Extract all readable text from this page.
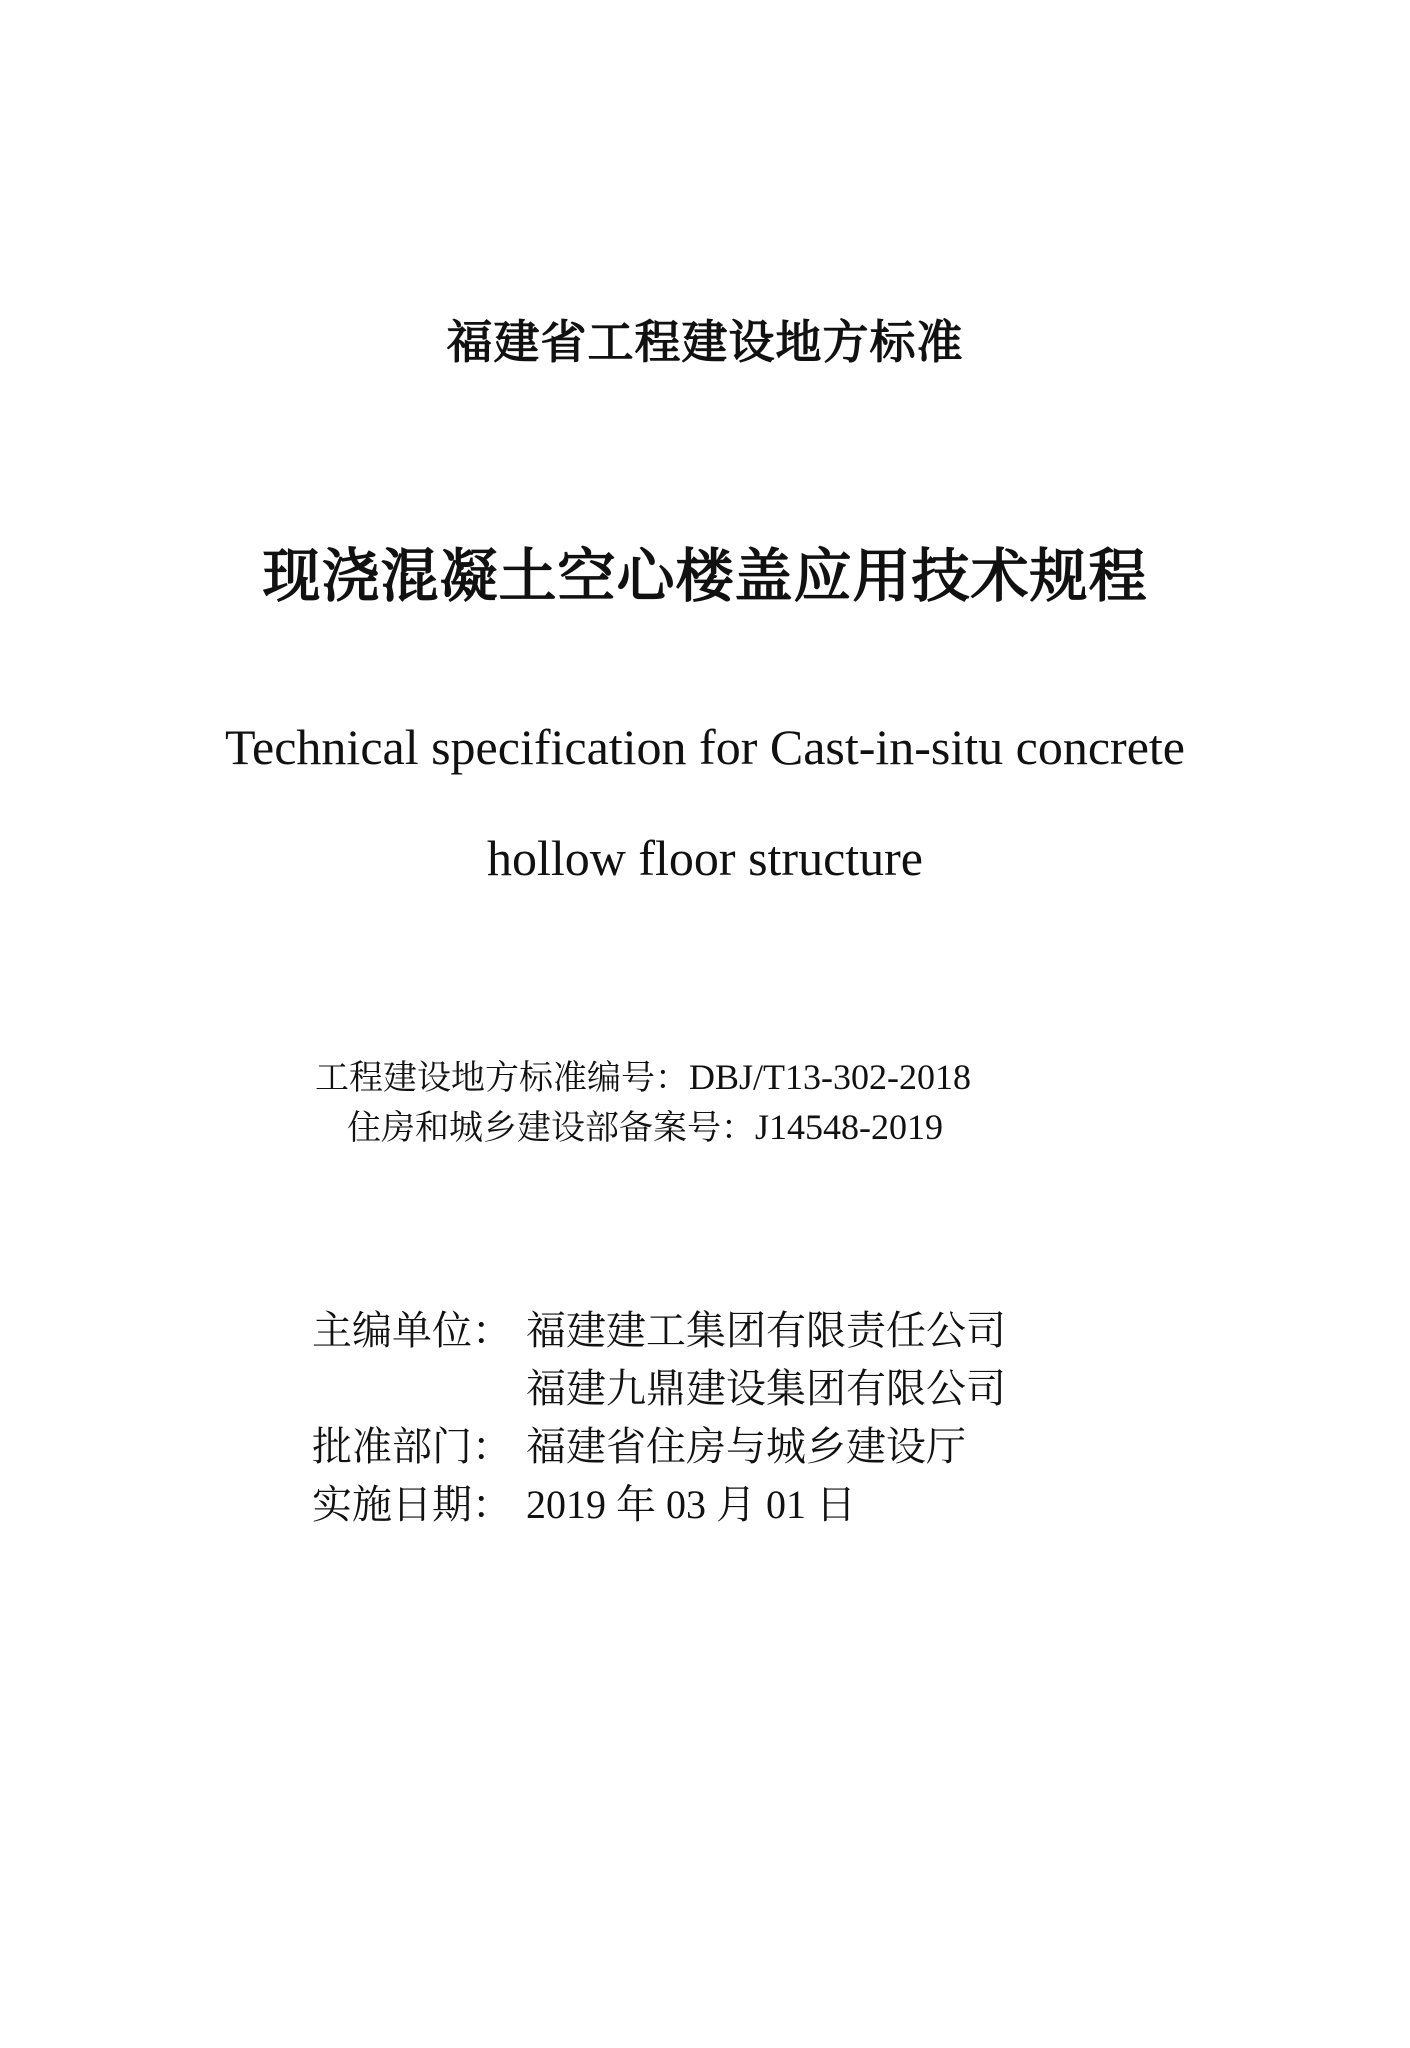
福建省工程建设地方标准
现浇混凝土空心楼盖应用技术规程
Technical specification for Cast-in-situ concrete
hollow floor structure
工程建设地方标准编号：DBJ/T13-302-2018
住房和城乡建设部备案号：J14548-2019
主编单位： 福建建工集团有限责任公司
福建九鼎建设集团有限公司
批准部门： 福建省住房与城乡建设厅
实施日期： 2019 年 03 月 01 日
